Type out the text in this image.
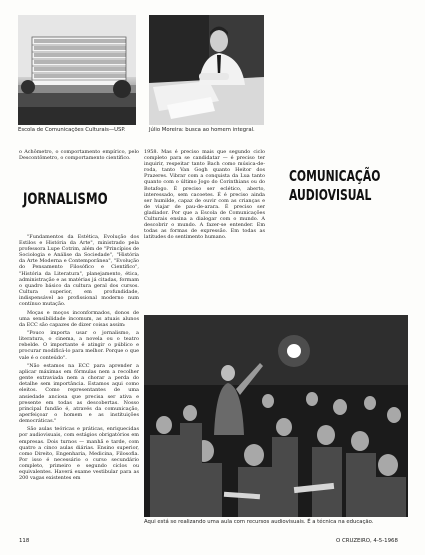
Escola de Comunicações Culturais—USP.	Júlio Moreira: busca ao homem integral.
JORNALISMO
COMUNICAÇÃO
AUDIOVISUAL

o Achômetro, o comportamento empírico, pelo Descontômetro, o comportamento científico.

1958. Mas é preciso mais que segundo ciclo completo para se candidatar — é preciso ter inquirir, respeitar tanto Bach como música-de-roda, tanto Van Gogh quanto Heitor dos Prazeres. Vibrar com a conquista da Lua tanto quanto com o último Jogo do Corinthians ou do Botafogo. É preciso ser eclético, aberto, interessado, sem cacoetes. É é preciso ainda ser humilde, capaz de ouvir com as crianças e de viajar de pau-de-arara. É preciso ser gladiador. Por que a Escola de Comunicações Culturais ensina a dialogar com o mundo. A descobrir o mundo. A fazer-se entender. Em todas as formas de expressão. Em todas as latitudes do sentimento humano.

"Fundamentos da Estética, Evolução dos Estilos e História da Arte", ministrado pela professora Lupe Cotrim, além de "Princípios de Sociologia e Análise da Sociedade", "História da Arte Moderna e Contemporânea", "Evolução do Pensamento Filosófico e Científico", "História da Literatura", planejamento, ética, administração e as matérias já citadas, formam o quadro básico da cultura geral dos cursos. Cultura superior, em profundidade, indispensável ao profissional moderno num contínuo mutação.

Moças e moços inconformados, donos de uma sensibilidade incomum, as atuais alunos da ECC são capazes de dizer coisas assim:

"Pouco importa usar o jornalismo, a literatura, o cinema, a novela ou o teatro rebelde. O importante é atingir o público e procurar modificá-lo para melhor. Porque o que vale é o conteúdo".

"Não estamos na ECC para aprender a aplicar máximas em fórmulas nem a recolher gente extraviada nem a chorar a perda do detalhe sem importância. Estamos aqui como eleitos. Como representantes de uma ansiedade anciosa que precisa ser ativa e presente em todas as descobertas. Nosso principal fundão é, através da comunicação, aperfeiçoar o homem e as instituições democráticas."

São aulas teóricas e práticas, enriquecidas por audiovisuais, com estágios obrigatórios em empresas. Dois turnos — manhã e tarde, com quatro a cinco aulas diárias. Ensino superior, como Direito, Engenharia, Medicina, Filosofia. Por isso é necessário o curso secundário completo, primeiro e segundo ciclos ou equivalentes. Haverá exame vestibular para as 200 vagas existentes em

Aqui está se realizando uma aula com recursos audiovisuais. É a técnica na educação.
118	O CRUZEIRO, 4-5-1968
